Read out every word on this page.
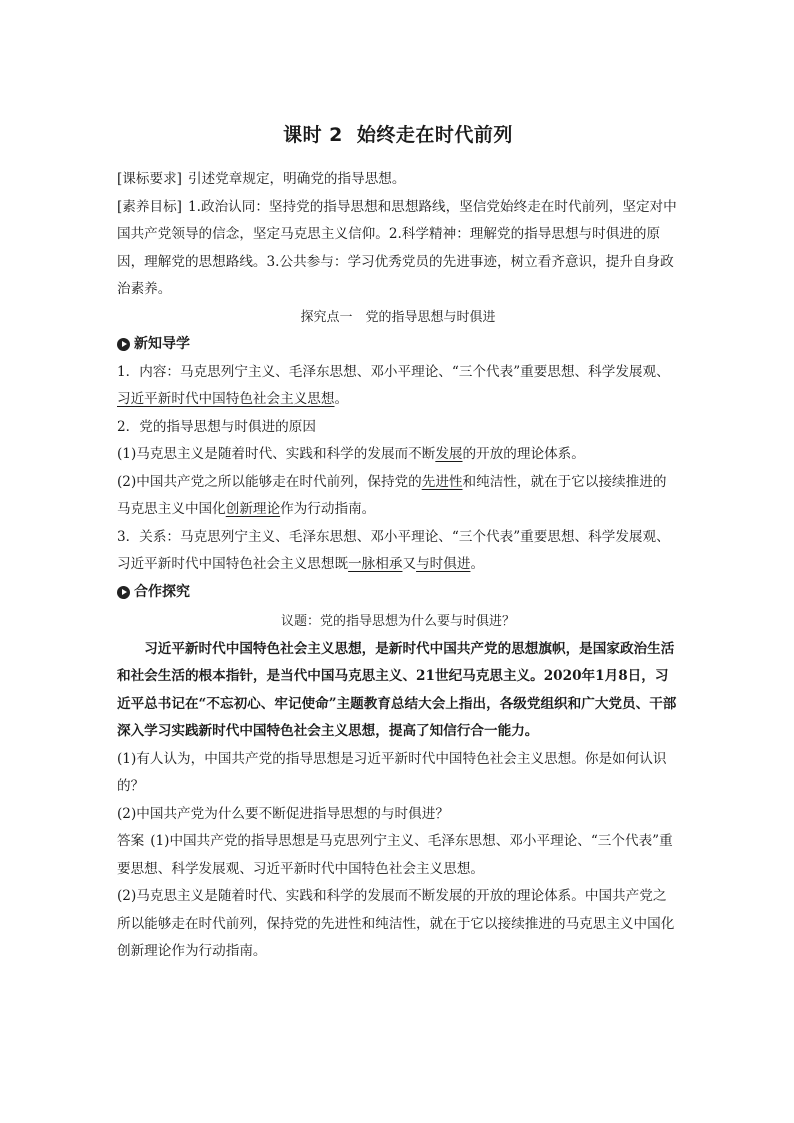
课时 2 始终走在时代前列

[课标要求] 引述党章规定，明确党的指导思想。

[素养目标] 1.政治认同：坚持党的指导思想和思想路线，坚信党始终走在时代前列，坚定对中国共产党领导的信念，坚定马克思主义信仰。2.科学精神：理解党的指导思想与时俱进的原因，理解党的思想路线。3.公共参与：学习优秀党员的先进事迹，树立看齐意识，提升自身政治素养。

探究点一　党的指导思想与时俱进

新知导学

1．内容：马克思列宁主义、毛泽东思想、邓小平理论、“三个代表”重要思想、科学发展观、习近平新时代中国特色社会主义思想。

2．党的指导思想与时俱进的原因

(1)马克思主义是随着时代、实践和科学的发展而不断发展的开放的理论体系。

(2)中国共产党之所以能够走在时代前列，保持党的先进性和纯洁性，就在于它以接续推进的马克思主义中国化创新理论作为行动指南。

3．关系：马克思列宁主义、毛泽东思想、邓小平理论、“三个代表”重要思想、科学发展观、习近平新时代中国特色社会主义思想既一脉相承又与时俱进。

合作探究

议题：党的指导思想为什么要与时俱进？

习近平新时代中国特色社会主义思想，是新时代中国共产党的思想旗帜，是国家政治生活和社会生活的根本指针，是当代中国马克思主义、21世纪马克思主义。2020年1月8日，习近平总书记在“不忘初心、牢记使命”主题教育总结大会上指出，各级党组织和广大党员、干部深入学习实践新时代中国特色社会主义思想，提高了知信行合一能力。

(1)有人认为，中国共产党的指导思想是习近平新时代中国特色社会主义思想。你是如何认识的？

(2)中国共产党为什么要不断促进指导思想的与时俱进？

答案 (1)中国共产党的指导思想是马克思列宁主义、毛泽东思想、邓小平理论、“三个代表”重要思想、科学发展观、习近平新时代中国特色社会主义思想。

(2)马克思主义是随着时代、实践和科学的发展而不断发展的开放的理论体系。中国共产党之所以能够走在时代前列，保持党的先进性和纯洁性，就在于它以接续推进的马克思主义中国化创新理论作为行动指南。
